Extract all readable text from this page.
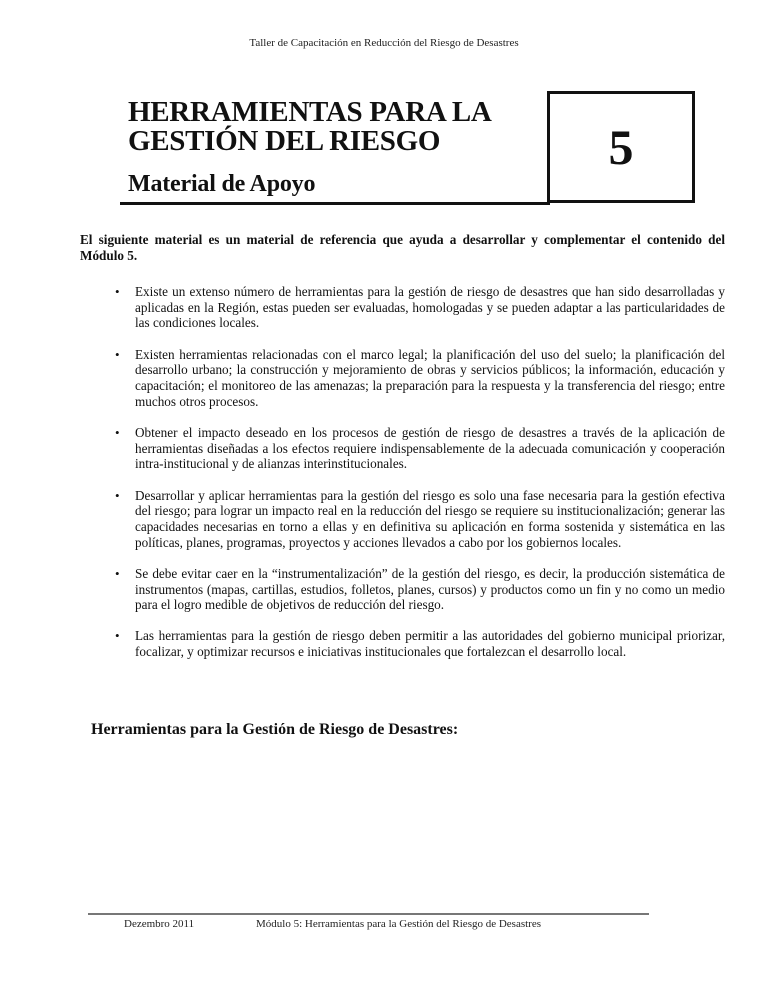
Taller de Capacitación en Reducción del Riesgo de Desastres
HERRAMIENTAS PARA LA
GESTIÓN DEL RIESGO
Material de Apoyo
5

El siguiente material es un material de referencia que ayuda a desarrollar y complementar el contenido del Módulo 5.

• Existe un extenso número de herramientas para la gestión de riesgo de desastres que han sido desarrolladas y aplicadas en la Región, estas pueden ser evaluadas, homologadas y se pueden adaptar a las particularidades de las condiciones locales.
• Existen herramientas relacionadas con el marco legal; la planificación del uso del suelo; la planificación del desarrollo urbano; la construcción y mejoramiento de obras y servicios públicos; la información, educación y capacitación; el monitoreo de las amenazas; la preparación para la respuesta y la transferencia del riesgo; entre muchos otros procesos.
• Obtener el impacto deseado en los procesos de gestión de riesgo de desastres a través de la aplicación de herramientas diseñadas a los efectos requiere indispensablemente de la adecuada comunicación y cooperación intra-institucional y de alianzas interinstitucionales.
• Desarrollar y aplicar herramientas para la gestión del riesgo es solo una fase necesaria para la gestión efectiva del riesgo; para lograr un impacto real en la reducción del riesgo se requiere su institucionalización; generar las capacidades necesarias en torno a ellas y en definitiva su aplicación en forma sostenida y sistemática en las políticas, planes, programas, proyectos y acciones llevados a cabo por los gobiernos locales.
• Se debe evitar caer en la “instrumentalización” de la gestión del riesgo, es decir, la producción sistemática de instrumentos (mapas, cartillas, estudios, folletos, planes, cursos) y productos como un fin y no como un medio para el logro medible de objetivos de reducción del riesgo.
• Las herramientas para la gestión de riesgo deben permitir a las autoridades del gobierno municipal priorizar, focalizar, y optimizar recursos e iniciativas institucionales que fortalezcan el desarrollo local.
Herramientas para la Gestión de Riesgo de Desastres:
Dezembro 2011	Módulo 5: Herramientas para la Gestión del Riesgo de Desastres
